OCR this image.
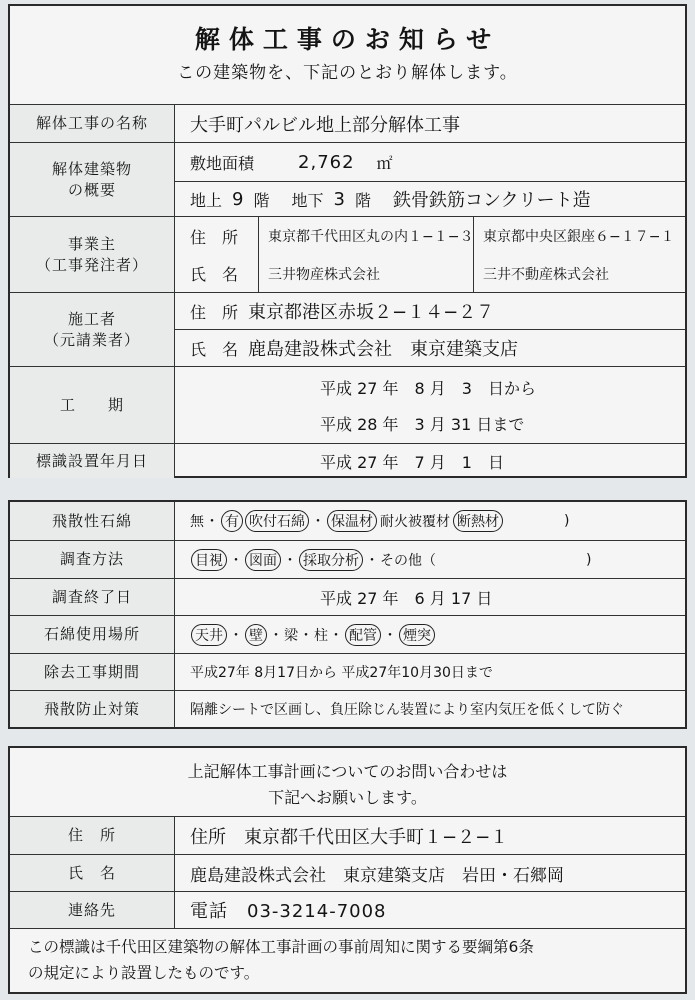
解体工事のお知らせ
この建築物を、下記のとおり解体します。
解体工事の名称
解体建築物
の概要
事業主
（工事発注者）
施工者
（元請業者）
工　　期
標識設置年月日
大手町パルビル地上部分解体工事
敷地面積 2,762 ㎡
地上 9 階 地下 3 階 鉄骨鉄筋コンクリート造
住　所
氏　名
東京都千代田区丸の内１−１−３
三井物産株式会社
東京都中央区銀座６−１７−１
三井不動産株式会社
住　所 東京都港区赤坂２−１４−２７
氏　名 鹿島建設株式会社　東京建築支店
平成 27 年　8 月　3　日から
平成 28 年　3 月 31 日まで
平成 27 年　7 月　1　日
飛散性石綿
調査方法
調査終了日
石綿使用場所
除去工事期間
飛散防止対策
無 ・ 有 吹付石綿 ・ 保温材 耐火被覆材 断熱材	)
目視 ・ 図面 ・ 採取分析 ・ その他（	)
平成 27 年　6 月 17 日
天井 ・ 壁 ・ 梁 ・ 柱 ・ 配管 ・ 煙突
平成27年 8月17日から 平成27年10月30日まで
隔離シートで区画し、負圧除じん装置により室内気圧を低くして防ぐ
上記解体工事計画についてのお問い合わせは
下記へお願いします。
住　所
氏　名
連絡先
住所　東京都千代田区大手町１−２−１
鹿島建設株式会社　東京建築支店　岩田・石郷岡
電話　03-3214-7008
この標識は千代田区建築物の解体工事計画の事前周知に関する要綱第6条
の規定により設置したものです。
